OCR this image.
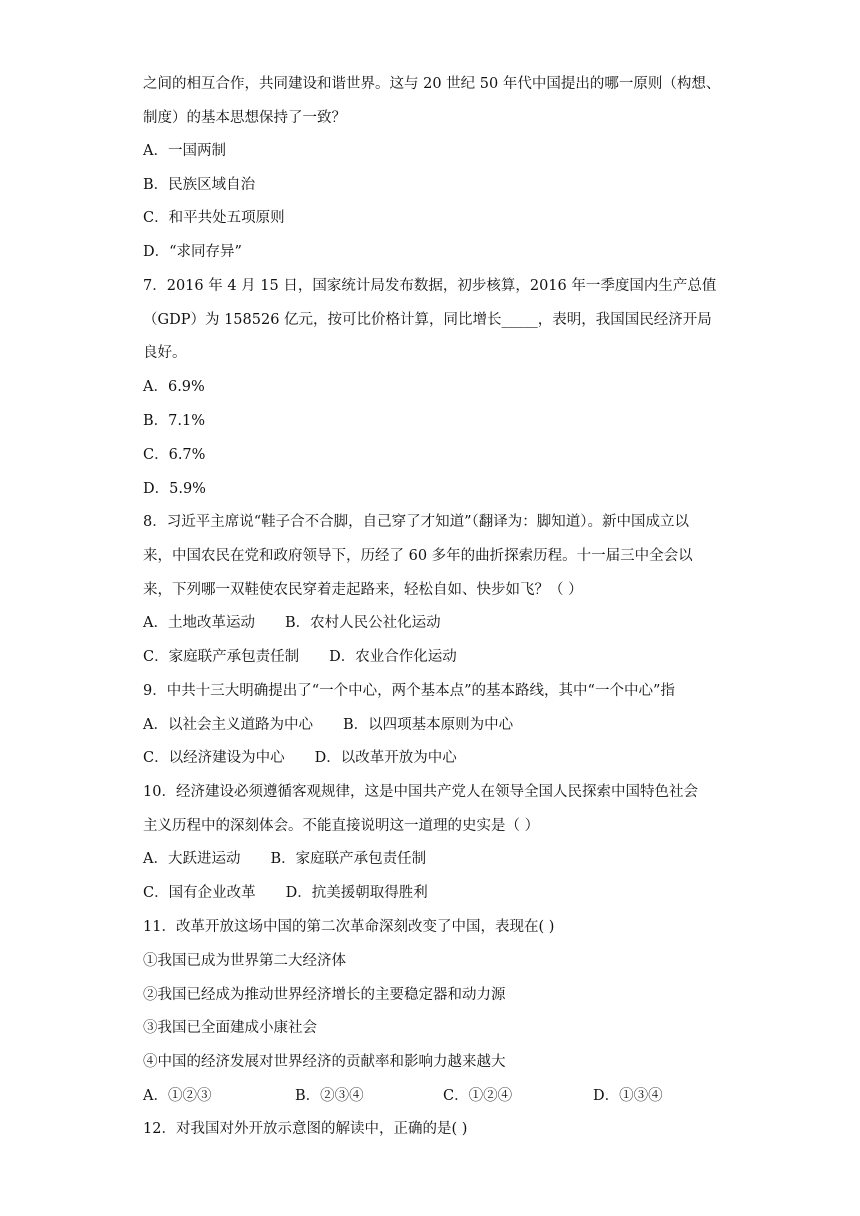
之间的相互合作，共同建设和谐世界。这与 20 世纪 50 年代中国提出的哪一原则（构想、

制度）的基本思想保持了一致？

A．一国两制

B．民族区域自治

C．和平共处五项原则

D．“求同存异”

7．2016 年 4 月 15 日，国家统计局发布数据，初步核算，2016 年一季度国内生产总值

（GDP）为 158526 亿元，按可比价格计算，同比增长_____，表明，我国国民经济开局

良好。

A．6.9%

B．7.1%

C．6.7%

D．5.9%

8．习近平主席说“鞋子合不合脚，自己穿了才知道”（翻译为：脚知道）。新中国成立以

来，中国农民在党和政府领导下，历经了 60 多年的曲折探索历程。十一届三中全会以

来，下列哪一双鞋使农民穿着走起路来，轻松自如、快步如飞？（ ）

A．土地改革运动 B．农村人民公社化运动

C．家庭联产承包责任制 D．农业合作化运动

9．中共十三大明确提出了“一个中心，两个基本点”的基本路线，其中“一个中心”指

A．以社会主义道路为中心 B．以四项基本原则为中心

C．以经济建设为中心 D．以改革开放为中心

10．经济建设必须遵循客观规律，这是中国共产党人在领导全国人民探索中国特色社会

主义历程中的深刻体会。不能直接说明这一道理的史实是（ ）

A．大跃进运动 B．家庭联产承包责任制

C．国有企业改革 D．抗美援朝取得胜利

11．改革开放这场中国的第二次革命深刻改变了中国，表现在( )

①我国已成为世界第二大经济体

②我国已经成为推动世界经济增长的主要稳定器和动力源

③我国已全面建成小康社会

④中国的经济发展对世界经济的贡献率和影响力越来越大

A．①②③	B．②③④	C．①②④	D．①③④

12．对我国对外开放示意图的解读中，正确的是( )
